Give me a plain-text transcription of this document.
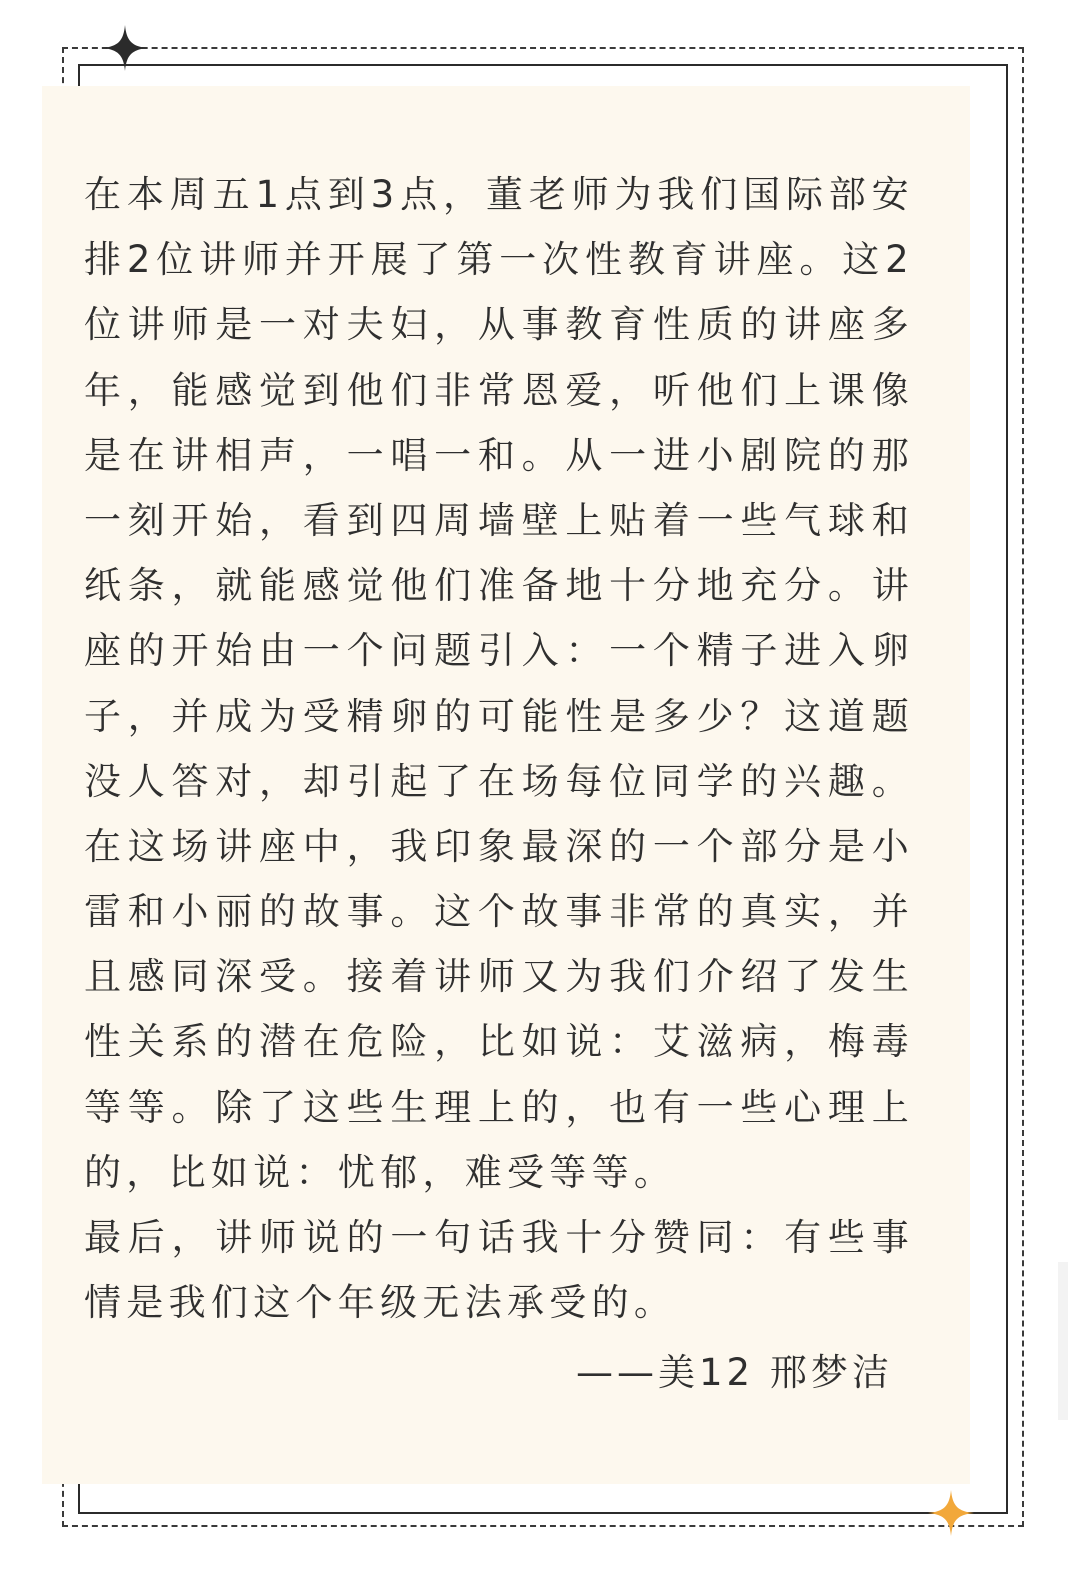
在本周五1点到3点，董老师为我们国际部安
排2位讲师并开展了第一次性教育讲座。这2
位讲师是一对夫妇，从事教育性质的讲座多
年，能感觉到他们非常恩爱，听他们上课像
是在讲相声，一唱一和。从一进小剧院的那
一刻开始，看到四周墙壁上贴着一些气球和
纸条，就能感觉他们准备地十分地充分。讲
座的开始由一个问题引入：一个精子进入卵
子，并成为受精卵的可能性是多少？这道题
没人答对，却引起了在场每位同学的兴趣。
在这场讲座中，我印象最深的一个部分是小
雷和小丽的故事。这个故事非常的真实，并
且感同深受。接着讲师又为我们介绍了发生
性关系的潜在危险，比如说：艾滋病，梅毒
等等。除了这些生理上的，也有一些心理上
的，比如说：忧郁，难受等等。
最后，讲师说的一句话我十分赞同：有些事
情是我们这个年级无法承受的。
——美12 邢梦洁
